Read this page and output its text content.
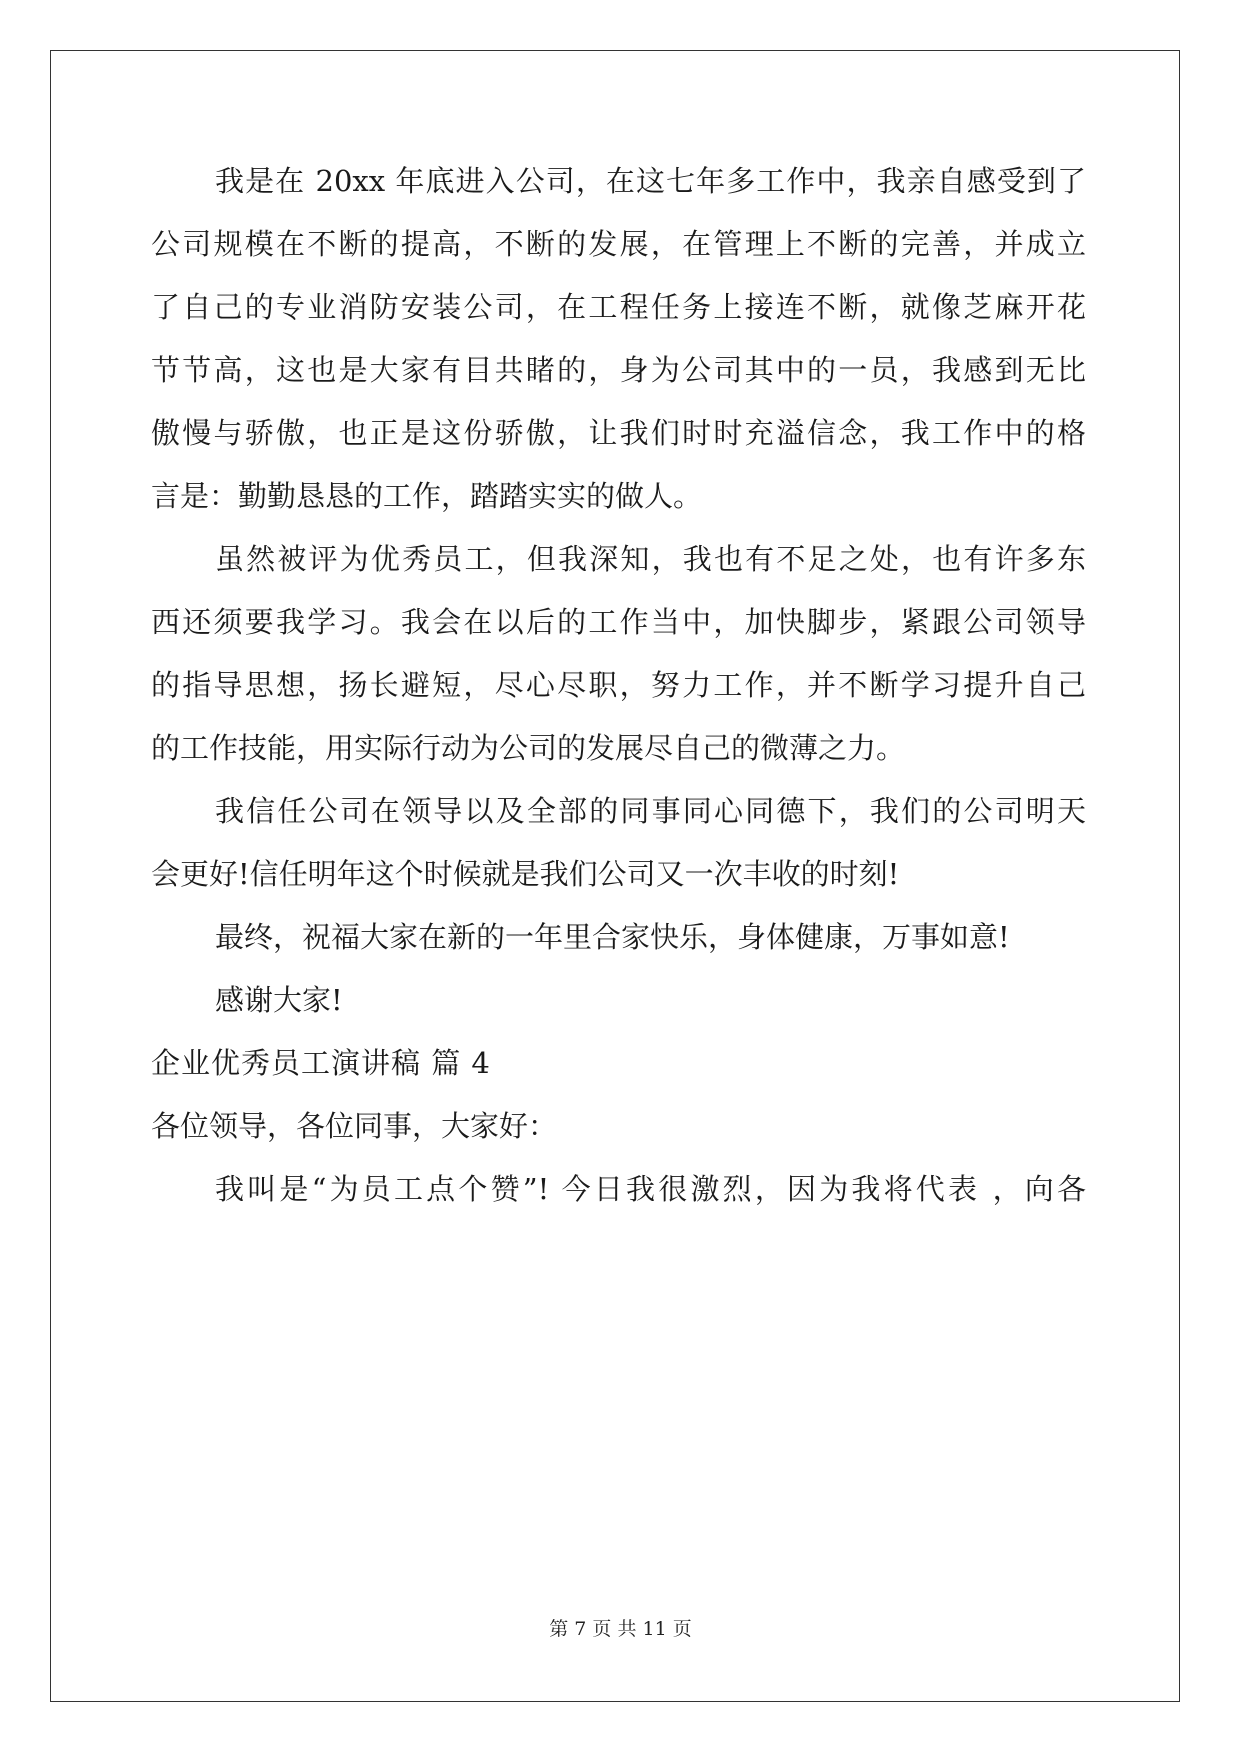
我是在 20xx 年底进入公司，在这七年多工作中，我亲自感受到了

公司规模在不断的提高，不断的发展，在管理上不断的完善，并成立

了自己的专业消防安装公司，在工程任务上接连不断，就像芝麻开花

节节高，这也是大家有目共睹的，身为公司其中的一员，我感到无比

傲慢与骄傲，也正是这份骄傲，让我们时时充溢信念，我工作中的格

言是：勤勤恳恳的工作，踏踏实实的做人。

虽然被评为优秀员工，但我深知，我也有不足之处，也有许多东

西还须要我学习。我会在以后的工作当中，加快脚步，紧跟公司领导

的指导思想，扬长避短，尽心尽职，努力工作，并不断学习提升自己

的工作技能，用实际行动为公司的发展尽自己的微薄之力。

我信任公司在领导以及全部的同事同心同德下，我们的公司明天

会更好!信任明年这个时候就是我们公司又一次丰收的时刻!

最终，祝福大家在新的一年里合家快乐，身体健康，万事如意!

感谢大家!

企业优秀员工演讲稿 篇 4

各位领导，各位同事，大家好：

我叫是“为员工点个赞”! 今日我很激烈，因为我将代表 ，向各

第 7 页 共 11 页
